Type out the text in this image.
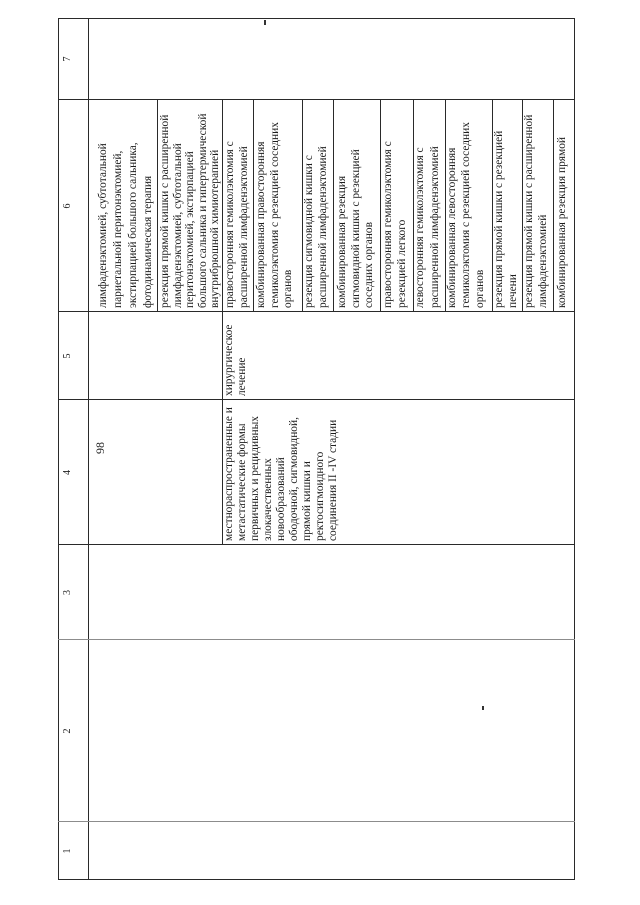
1
2
3
4
5
6
7
98
лимфаденэктомией, субтотальной
париетальной перитонэктомией,
экстирпацией большого сальника,
фотодинамическая терапия
резекция прямой кишки с расширенной
лимфаденэктомией, субтотальной
перитонэктомией, экстирпацией
большого сальника и гипертермической
внутрибрюшной химиотерапией
местнораспространенные и
метастатические формы
первичных и рецидивных
злокачественных
новообразований
ободочной, сигмовидной,
прямой кишки и
ректосигмоидного
соединения II -IV стадии
хирургическое
лечение
правосторонняя гемиколэктомия с
расширенной лимфаденэктомией
комбинированная правосторонняя
гемиколэктомия с резекцией соседних
органов резекция сигмовидной кишки с
расширенной лимфаденэктомией
комбинированная резекция
сигмовидной кишки с резекцией
соседних органов правосторонняя гемиколэктомия с
резекцией легкого левосторонняя гемиколэктомия с
расширенной лимфаденэктомией
комбинированная левосторонняя
гемиколэктомия с резекцией соседних
органов резекция прямой кишки с резекцией
печени резекция прямой кишки с расширенной
лимфаденэктомией комбинированная резекция прямой
